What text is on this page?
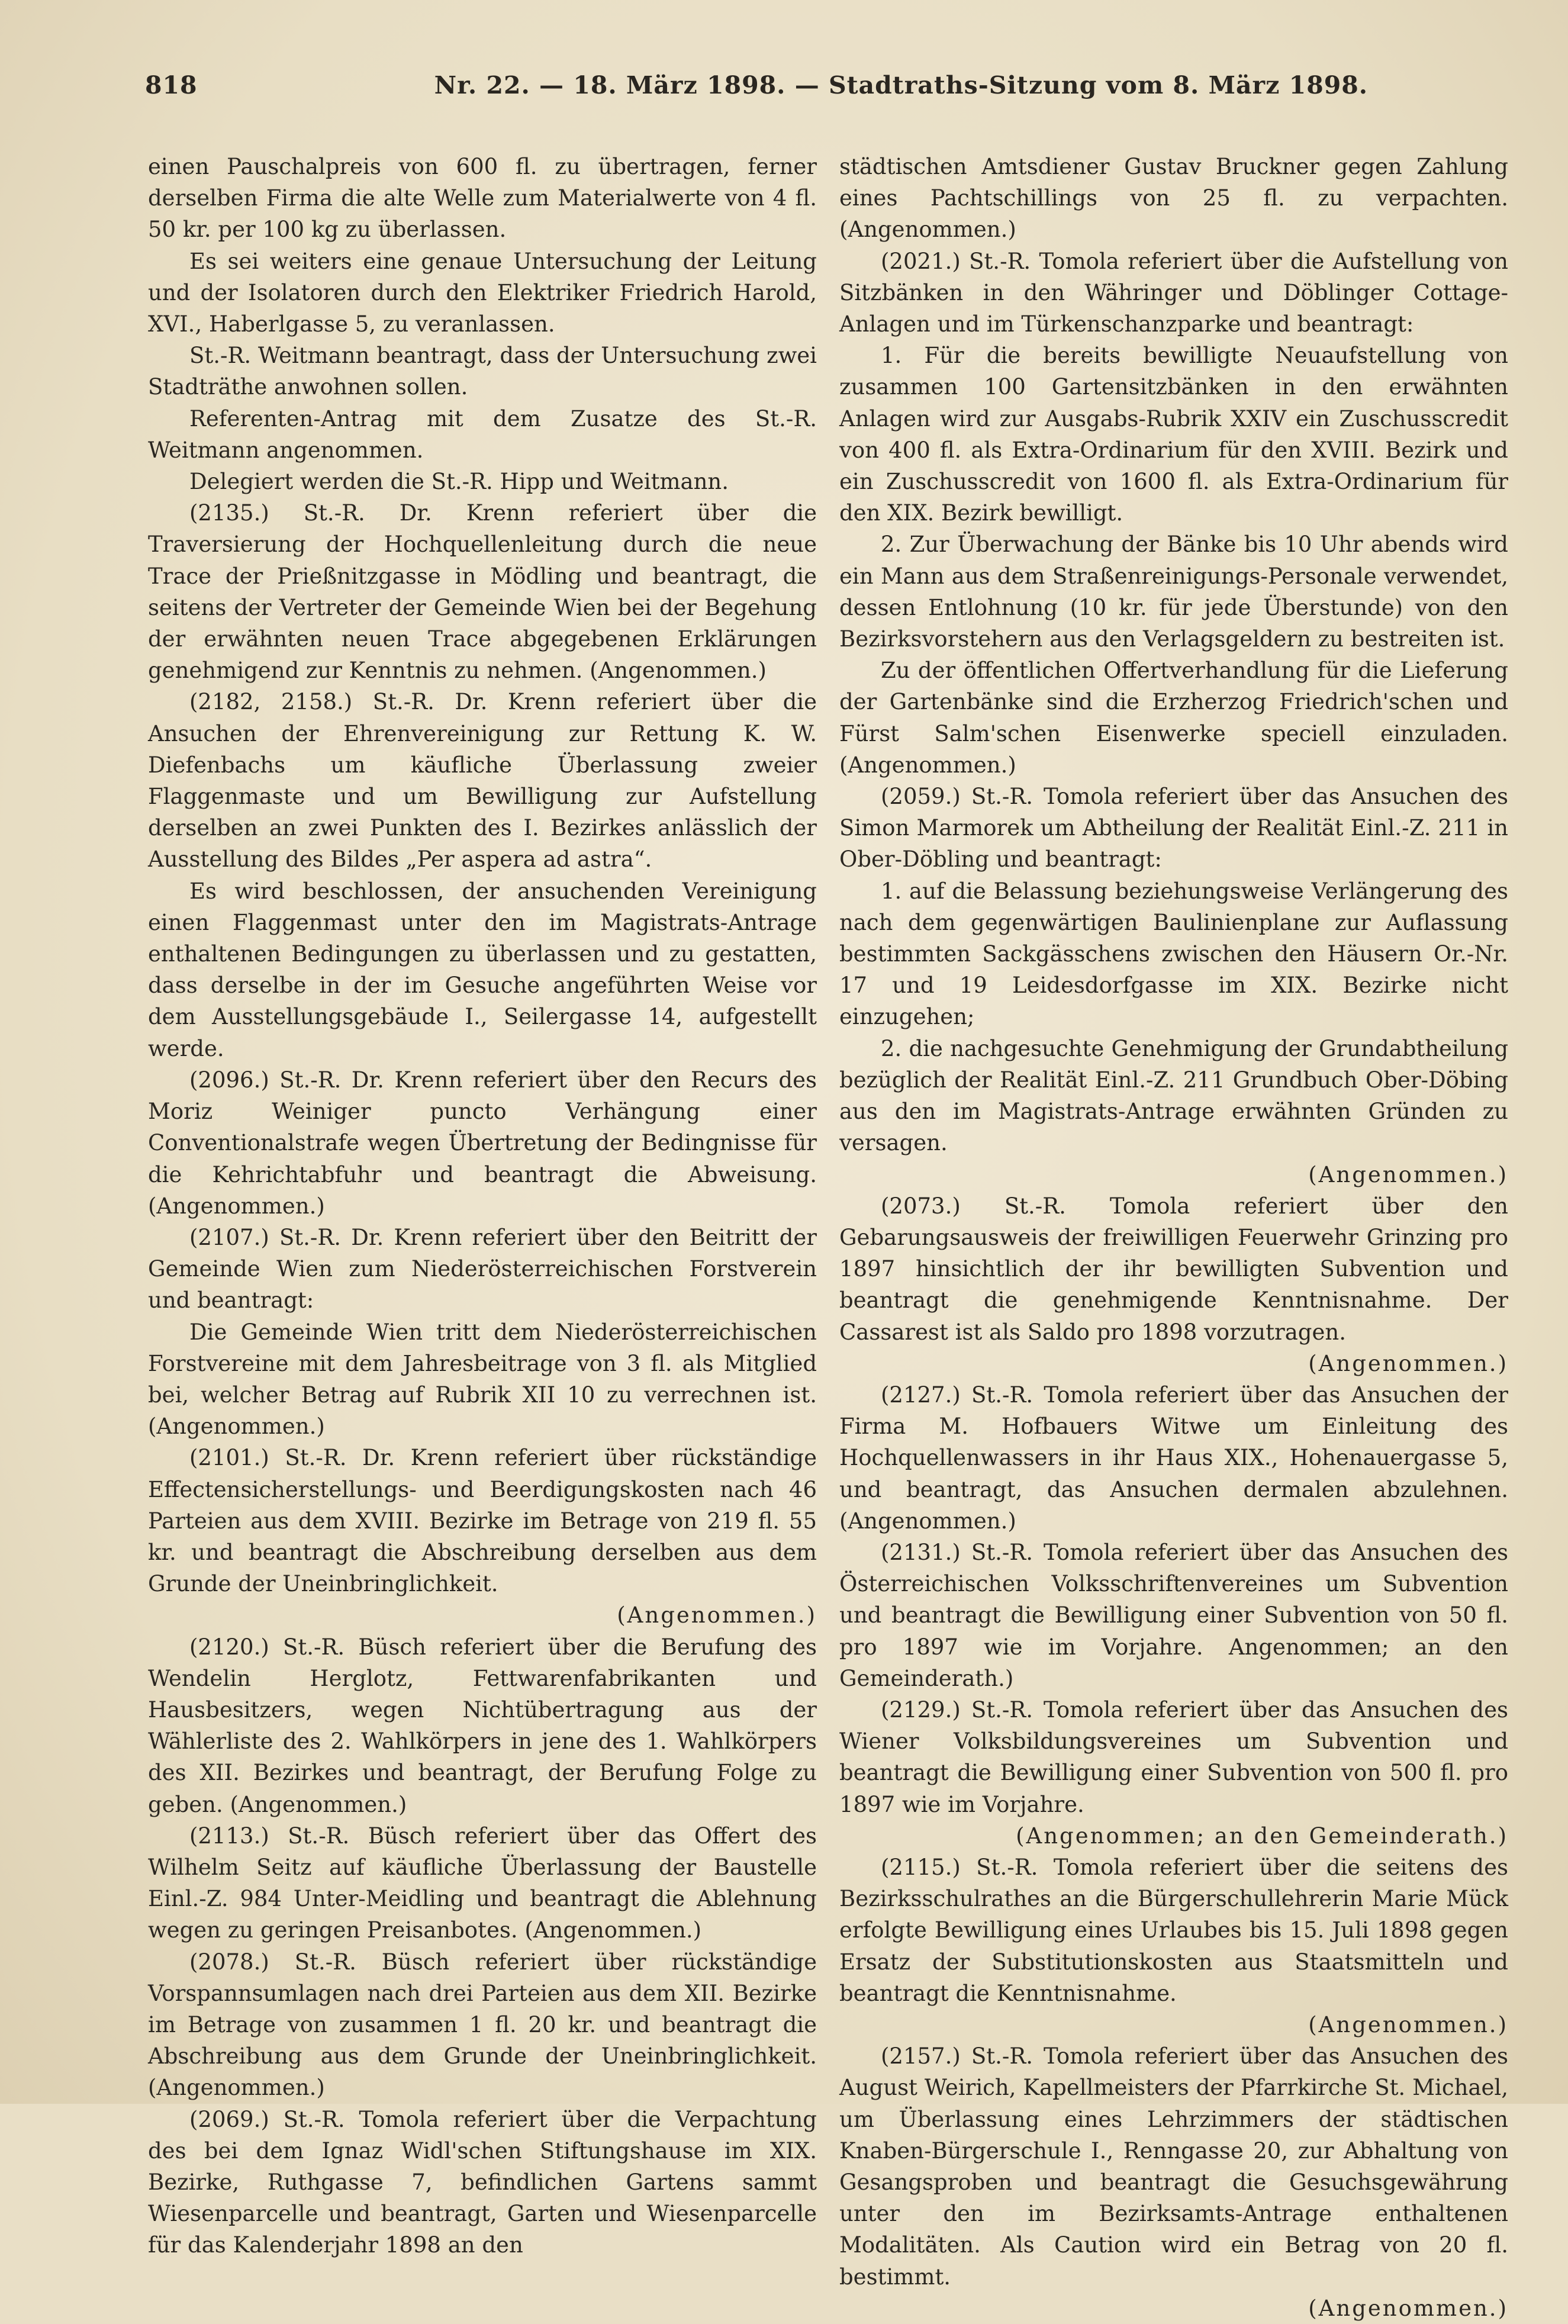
818	Nr. 22. — 18. März 1898. — Stadtraths-Sitzung vom 8. März 1898.

einen Pauschalpreis von 600 fl. zu übertragen, ferner derselben Firma die alte Welle zum Materialwerte von 4 fl. 50 kr. per 100 kg zu überlassen.

Es sei weiters eine genaue Untersuchung der Leitung und der Isolatoren durch den Elektriker Friedrich Harold, XVI., Haberlgasse 5, zu veranlassen.

St.-R. Weitmann beantragt, dass der Untersuchung zwei Stadträthe anwohnen sollen.

Referenten-Antrag mit dem Zusatze des St.-R. Weitmann angenommen.

Delegiert werden die St.-R. Hipp und Weitmann.

(2135.) St.-R. Dr. Krenn referiert über die Traversierung der Hochquellenleitung durch die neue Trace der Prießnitzgasse in Mödling und beantragt, die seitens der Vertreter der Gemeinde Wien bei der Begehung der erwähnten neuen Trace abgegebenen Erklärungen genehmigend zur Kenntnis zu nehmen. (Angenommen.)

(2182, 2158.) St.-R. Dr. Krenn referiert über die Ansuchen der Ehrenvereinigung zur Rettung K. W. Diefenbachs um käufliche Überlassung zweier Flaggenmaste und um Bewilligung zur Aufstellung derselben an zwei Punkten des I. Bezirkes anlässlich der Ausstellung des Bildes „Per aspera ad astra“.

Es wird beschlossen, der ansuchenden Vereinigung einen Flaggenmast unter den im Magistrats-Antrage enthaltenen Bedingungen zu überlassen und zu gestatten, dass derselbe in der im Gesuche angeführten Weise vor dem Ausstellungsgebäude I., Seilergasse 14, aufgestellt werde.

(2096.) St.-R. Dr. Krenn referiert über den Recurs des Moriz Weiniger puncto Verhängung einer Conventionalstrafe wegen Übertretung der Bedingnisse für die Kehrichtabfuhr und beantragt die Abweisung. (Angenommen.)

(2107.) St.-R. Dr. Krenn referiert über den Beitritt der Gemeinde Wien zum Niederösterreichischen Forstverein und beantragt:

Die Gemeinde Wien tritt dem Niederösterreichischen Forstvereine mit dem Jahresbeitrage von 3 fl. als Mitglied bei, welcher Betrag auf Rubrik XII 10 zu verrechnen ist. (Angenommen.)

(2101.) St.-R. Dr. Krenn referiert über rückständige Effectensicherstellungs- und Beerdigungskosten nach 46 Parteien aus dem XVIII. Bezirke im Betrage von 219 fl. 55 kr. und beantragt die Abschreibung derselben aus dem Grunde der Uneinbringlichkeit.

(Angenommen.)

(2120.) St.-R. Büsch referiert über die Berufung des Wendelin Herglotz, Fettwarenfabrikanten und Hausbesitzers, wegen Nichtübertragung aus der Wählerliste des 2. Wahlkörpers in jene des 1. Wahlkörpers des XII. Bezirkes und beantragt, der Berufung Folge zu geben. (Angenommen.)

(2113.) St.-R. Büsch referiert über das Offert des Wilhelm Seitz auf käufliche Überlassung der Baustelle Einl.-Z. 984 Unter-Meidling und beantragt die Ablehnung wegen zu geringen Preisanbotes. (Angenommen.)

(2078.) St.-R. Büsch referiert über rückständige Vorspannsumlagen nach drei Parteien aus dem XII. Bezirke im Betrage von zusammen 1 fl. 20 kr. und beantragt die Abschreibung aus dem Grunde der Uneinbringlichkeit. (Angenommen.)

(2069.) St.-R. Tomola referiert über die Verpachtung des bei dem Ignaz Widl'schen Stiftungshause im XIX. Bezirke, Ruthgasse 7, befindlichen Gartens sammt Wiesenparcelle und beantragt, Garten und Wiesenparcelle für das Kalenderjahr 1898 an den

städtischen Amtsdiener Gustav Bruckner gegen Zahlung eines Pachtschillings von 25 fl. zu verpachten. (Angenommen.)

(2021.) St.-R. Tomola referiert über die Aufstellung von Sitzbänken in den Währinger und Döblinger Cottage-Anlagen und im Türkenschanzparke und beantragt:

1. Für die bereits bewilligte Neuaufstellung von zusammen 100 Gartensitzbänken in den erwähnten Anlagen wird zur Ausgabs-Rubrik XXIV ein Zuschusscredit von 400 fl. als Extra-Ordinarium für den XVIII. Bezirk und ein Zuschusscredit von 1600 fl. als Extra-Ordinarium für den XIX. Bezirk bewilligt.

2. Zur Überwachung der Bänke bis 10 Uhr abends wird ein Mann aus dem Straßenreinigungs-Personale verwendet, dessen Entlohnung (10 kr. für jede Überstunde) von den Bezirksvorstehern aus den Verlagsgeldern zu bestreiten ist.

Zu der öffentlichen Offertverhandlung für die Lieferung der Gartenbänke sind die Erzherzog Friedrich'schen und Fürst Salm'schen Eisenwerke speciell einzuladen. (Angenommen.)

(2059.) St.-R. Tomola referiert über das Ansuchen des Simon Marmorek um Abtheilung der Realität Einl.-Z. 211 in Ober-Döbling und beantragt:

1. auf die Belassung beziehungsweise Verlängerung des nach dem gegenwärtigen Baulinienplane zur Auflassung bestimmten Sackgässchens zwischen den Häusern Or.-Nr. 17 und 19 Leidesdorfgasse im XIX. Bezirke nicht einzugehen;

2. die nachgesuchte Genehmigung der Grundabtheilung bezüglich der Realität Einl.-Z. 211 Grundbuch Ober-Döbing aus den im Magistrats-Antrage erwähnten Gründen zu versagen.

(Angenommen.)

(2073.) St.-R. Tomola referiert über den Gebarungsausweis der freiwilligen Feuerwehr Grinzing pro 1897 hinsichtlich der ihr bewilligten Subvention und beantragt die genehmigende Kenntnisnahme. Der Cassarest ist als Saldo pro 1898 vorzutragen.

(Angenommen.)

(2127.) St.-R. Tomola referiert über das Ansuchen der Firma M. Hofbauers Witwe um Einleitung des Hochquellenwassers in ihr Haus XIX., Hohenauergasse 5, und beantragt, das Ansuchen dermalen abzulehnen. (Angenommen.)

(2131.) St.-R. Tomola referiert über das Ansuchen des Österreichischen Volksschriftenvereines um Subvention und beantragt die Bewilligung einer Subvention von 50 fl. pro 1897 wie im Vorjahre. Angenommen; an den Gemeinderath.)

(2129.) St.-R. Tomola referiert über das Ansuchen des Wiener Volksbildungsvereines um Subvention und beantragt die Bewilligung einer Subvention von 500 fl. pro 1897 wie im Vorjahre.

(Angenommen; an den Gemeinderath.)

(2115.) St.-R. Tomola referiert über die seitens des Bezirksschulrathes an die Bürgerschullehrerin Marie Mück erfolgte Bewilligung eines Urlaubes bis 15. Juli 1898 gegen Ersatz der Substitutionskosten aus Staatsmitteln und beantragt die Kenntnisnahme.

(Angenommen.)

(2157.) St.-R. Tomola referiert über das Ansuchen des August Weirich, Kapellmeisters der Pfarrkirche St. Michael, um Überlassung eines Lehrzimmers der städtischen Knaben-Bürgerschule I., Renngasse 20, zur Abhaltung von Gesangsproben und beantragt die Gesuchsgewährung unter den im Bezirksamts-Antrage enthaltenen Modalitäten. Als Caution wird ein Betrag von 20 fl. bestimmt.

(Angenommen.)
